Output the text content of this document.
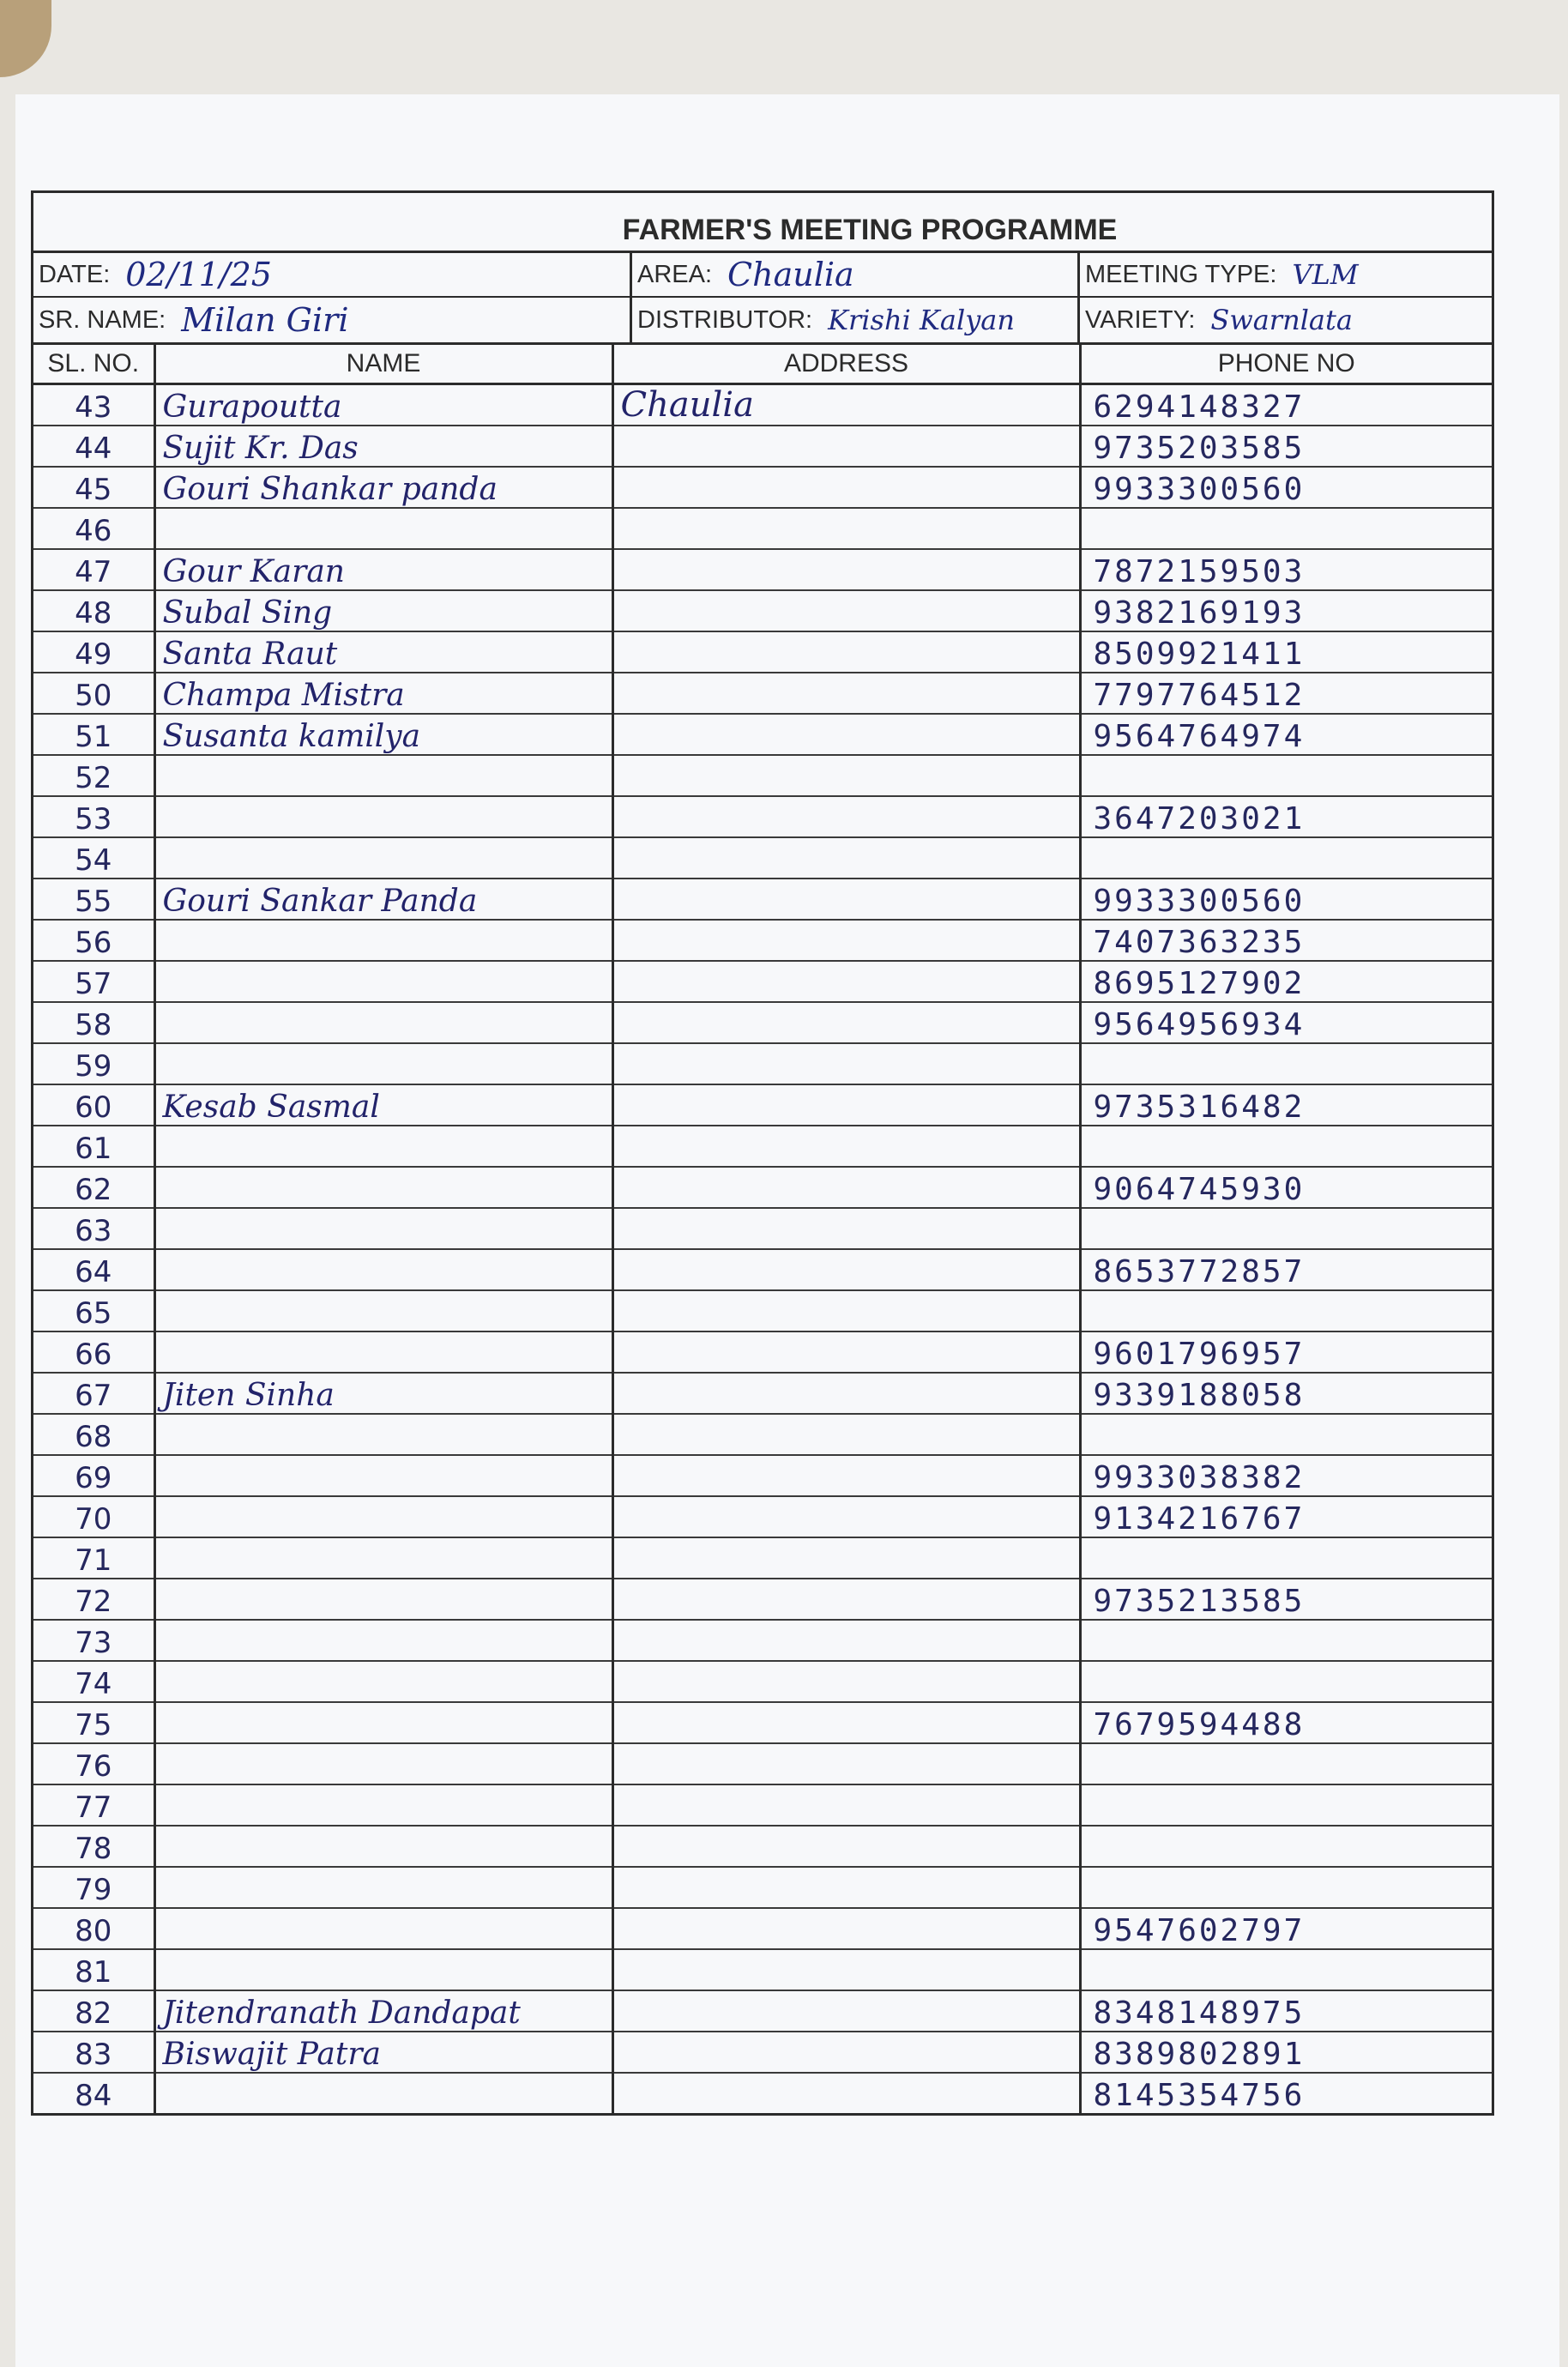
FARMER'S MEETING PROGRAMME
DATE: 02/11/25
SR. NAME: Milan Giri
AREA: Chaulia
DISTRIBUTOR: Krishi Kalyan
MEETING TYPE: VLM
VARIETY: Swarnlata
SL. NO.	NAME	ADDRESS	PHONE NO
43	Gurapoutta	Chaulia	6294148327
44	Sujit Kr. Das		9735203585
45	Gouri Shankar panda		9933300560
46			
47	Gour Karan		7872159503
48	Subal Sing		9382169193
49	Santa Raut		8509921411
50	Champa Mistra		7797764512
51	Susanta kamilya		9564764974
52			
53			3647203021
54			
55	Gouri Sankar Panda		9933300560
56			7407363235
57			8695127902
58			9564956934
59			
60	Kesab Sasmal		9735316482
61			
62			9064745930
63			
64			8653772857
65			
66			9601796957
67	Jiten Sinha		9339188058
68			
69			9933038382
70			9134216767
71			
72			9735213585
73			
74			
75			7679594488
76			
77			
78			
79			
80			9547602797
81			
82	Jitendranath Dandapat		8348148975
83	Biswajit Patra		8389802891
84			8145354756
